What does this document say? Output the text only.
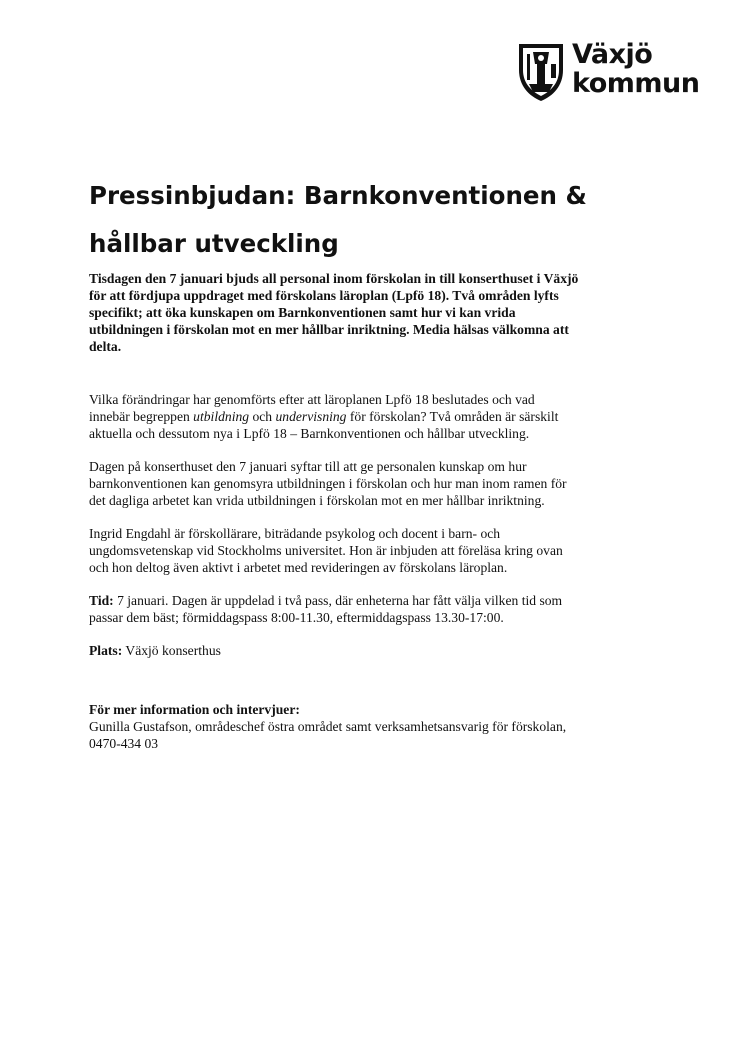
Växjö
kommun
Pressinbjudan: Barnkonventionen &
hållbar utveckling

Tisdagen den 7 januari bjuds all personal inom förskolan in till konserthuset i Växjö
för att fördjupa uppdraget med förskolans läroplan (Lpfö 18). Två områden lyfts
specifikt; att öka kunskapen om Barnkonventionen samt hur vi kan vrida
utbildningen i förskolan mot en mer hållbar inriktning. Media hälsas välkomna att
delta.

Vilka förändringar har genomförts efter att läroplanen Lpfö 18 beslutades och vad
innebär begreppen utbildning och undervisning för förskolan? Två områden är särskilt
aktuella och dessutom nya i Lpfö 18 – Barnkonventionen och hållbar utveckling.

Dagen på konserthuset den 7 januari syftar till att ge personalen kunskap om hur
barnkonventionen kan genomsyra utbildningen i förskolan och hur man inom ramen för
det dagliga arbetet kan vrida utbildningen i förskolan mot en mer hållbar inriktning.

Ingrid Engdahl är förskollärare, biträdande psykolog och docent i barn- och
ungdomsvetenskap vid Stockholms universitet. Hon är inbjuden att föreläsa kring ovan
och hon deltog även aktivt i arbetet med revideringen av förskolans läroplan.

Tid: 7 januari. Dagen är uppdelad i två pass, där enheterna har fått välja vilken tid som
passar dem bäst; förmiddagspass 8:00-11.30, eftermiddagspass 13.30-17:00.

Plats: Växjö konserthus

För mer information och intervjuer:
Gunilla Gustafson, områdeschef östra området samt verksamhetsansvarig för förskolan,
0470-434 03
